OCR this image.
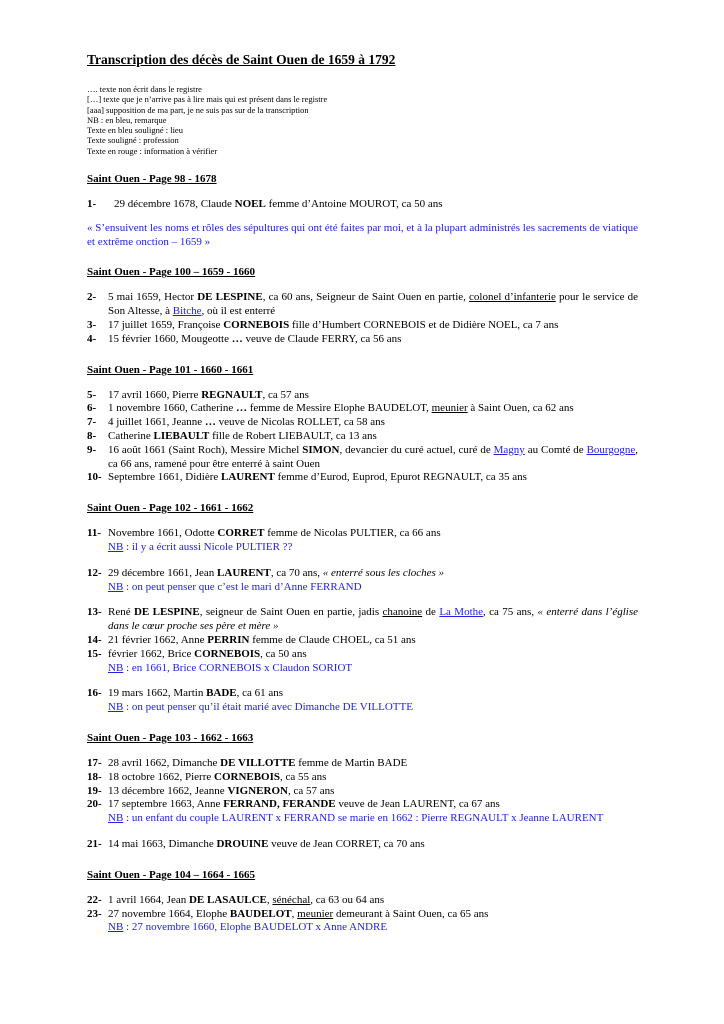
Transcription des décès de Saint Ouen de 1659 à 1792
…. texte non écrit dans le registre
[…] texte que je n’arrive pas à lire mais qui est présent dans le registre
[aaa] supposition de ma part, je ne suis pas sur de la transcription
NB : en bleu, remarque
Texte en bleu souligné : lieu
Texte souligné : profession
Texte en rouge : information à vérifier
Saint Ouen - Page 98 - 1678
1-	29 décembre 1678, Claude NOEL femme d’Antoine MOUROT, ca 50 ans
« S’ensuivent les noms et rôles des sépultures qui ont été faites par moi, et à la plupart administrés les sacrements de viatique et extrême onction – 1659 »
Saint Ouen - Page 100 – 1659 - 1660
2-	5 mai 1659, Hector DE LESPINE, ca 60 ans, Seigneur de Saint Ouen en partie, colonel d’infanterie pour le service de Son Altesse, à Bitche, où il est enterré
3-	17 juillet 1659, Françoise CORNEBOIS fille d’Humbert CORNEBOIS et de Didière NOEL, ca 7 ans
4-	15 février 1660, Mougeotte … veuve de Claude FERRY, ca 56 ans
Saint Ouen - Page 101 - 1660 - 1661
5-	17 avril 1660, Pierre REGNAULT, ca 57 ans
6-	1 novembre 1660, Catherine … femme de Messire Elophe BAUDELOT, meunier à Saint Ouen, ca 62 ans
7-	4 juillet 1661, Jeanne … veuve de Nicolas ROLLET, ca 58 ans
8-	Catherine LIEBAULT fille de Robert LIEBAULT, ca 13 ans
9-	16 août 1661 (Saint Roch), Messire Michel SIMON, devancier du curé actuel, curé de Magny au Comté de Bourgogne, ca 66 ans, ramené pour être enterré à saint Ouen
10- Septembre 1661, Didière LAURENT femme d’Eurod, Euprod, Epurot REGNAULT, ca 35 ans
Saint Ouen - Page 102 - 1661 - 1662
11- Novembre 1661, Odotte CORRET femme de Nicolas PULTIER, ca 66 ans
NB : il y a écrit aussi Nicole PULTIER ??
12- 29 décembre 1661, Jean LAURENT, ca 70 ans, « enterré sous les cloches »
NB : on peut penser que c’est le mari d’Anne FERRAND
13- René DE LESPINE, seigneur de Saint Ouen en partie, jadis chanoine de La Mothe, ca 75 ans, « enterré dans l’église dans le cœur proche ses père et mère »
14- 21 février 1662, Anne PERRIN femme de Claude CHOEL, ca 51 ans
15- février 1662, Brice CORNEBOIS, ca 50 ans
NB : en 1661, Brice CORNEBOIS x Claudon SORIOT
16- 19 mars 1662, Martin BADE, ca 61 ans
NB : on peut penser qu’il était marié avec Dimanche DE VILLOTTE
Saint Ouen - Page 103 - 1662 - 1663
17- 28 avril 1662, Dimanche DE VILLOTTE femme de Martin BADE
18- 18 octobre 1662, Pierre CORNEBOIS, ca 55 ans
19- 13 décembre 1662, Jeanne VIGNERON, ca 57 ans
20- 17 septembre 1663, Anne FERRAND, FERANDE veuve de Jean LAURENT, ca 67 ans
NB : un enfant du couple LAURENT x FERRAND se marie en 1662 : Pierre REGNAULT x Jeanne LAURENT
21- 14 mai 1663, Dimanche DROUINE veuve de Jean CORRET, ca 70 ans
Saint Ouen - Page 104 – 1664 - 1665
22- 1 avril 1664, Jean DE LASAULCE, sénéchal, ca 63 ou 64 ans
23- 27 novembre 1664, Elophe BAUDELOT, meunier demeurant à Saint Ouen, ca 65 ans
NB : 27 novembre 1660, Elophe BAUDELOT x Anne ANDRE
